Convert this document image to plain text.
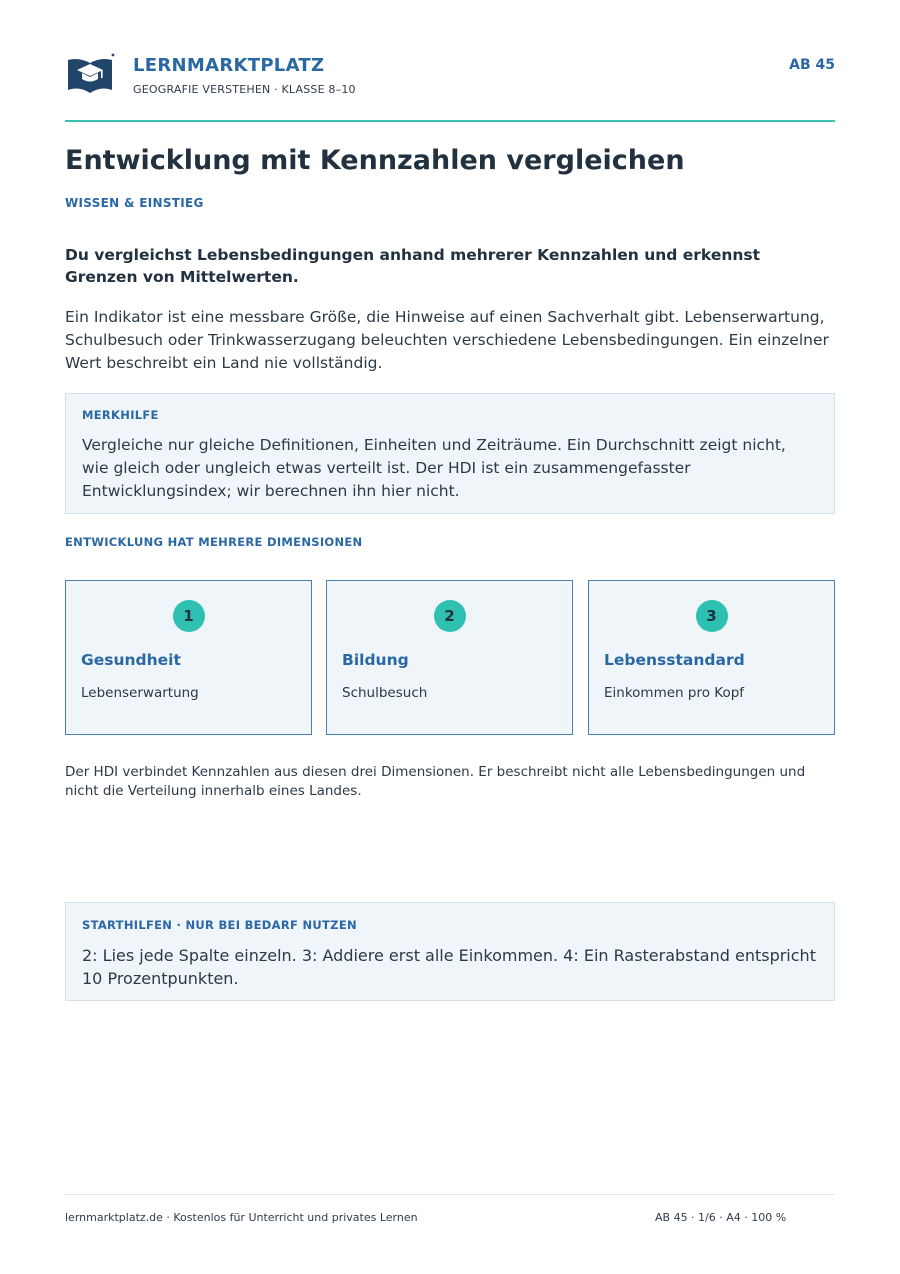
LERNMARKTPLATZ
GEOGRAFIE VERSTEHEN · KLASSE 8–10
AB 45
Entwicklung mit Kennzahlen vergleichen
WISSEN & EINSTIEG
Du vergleichst Lebensbedingungen anhand mehrerer Kennzahlen und erkennst Grenzen von Mittelwerten.
Ein Indikator ist eine messbare Größe, die Hinweise auf einen Sachverhalt gibt. Lebenserwartung, Schulbesuch oder Trinkwasserzugang beleuchten verschiedene Lebensbedingungen. Ein einzelner Wert beschreibt ein Land nie vollständig.
MERKHILFE
Vergleiche nur gleiche Definitionen, Einheiten und Zeiträume. Ein Durchschnitt zeigt nicht, wie gleich oder ungleich etwas verteilt ist. Der HDI ist ein zusammengefasster Entwicklungsindex; wir berechnen ihn hier nicht.
ENTWICKLUNG HAT MEHRERE DIMENSIONEN
1
Gesundheit
Lebenserwartung
2
Bildung
Schulbesuch
3
Lebensstandard
Einkommen pro Kopf
Der HDI verbindet Kennzahlen aus diesen drei Dimensionen. Er beschreibt nicht alle Lebensbedingungen und nicht die Verteilung innerhalb eines Landes.
STARTHILFEN · NUR BEI BEDARF NUTZEN
2: Lies jede Spalte einzeln. 3: Addiere erst alle Einkommen. 4: Ein Rasterabstand entspricht 10 Prozentpunkten.
lernmarktplatz.de · Kostenlos für Unterricht und privates Lernen	AB 45 · 1/6 · A4 · 100 %
